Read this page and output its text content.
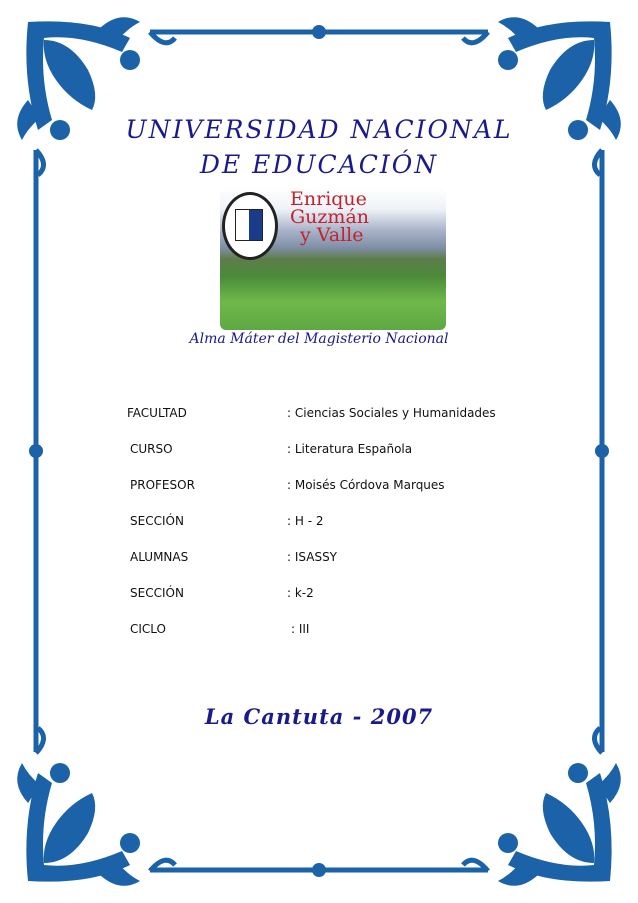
UNIVERSIDAD NACIONAL
DE EDUCACIÓN
Enrique
Guzmán
y Valle
Alma Máter del Magisterio Nacional
FACULTAD	: Ciencias Sociales y Humanidades
CURSO	: Literatura Española
PROFESOR	: Moisés Córdova Marques
SECCIÓN	: H - 2
ALUMNAS	: ISASSY
SECCIÓN	: k-2
CICLO	: III
La Cantuta - 2007
